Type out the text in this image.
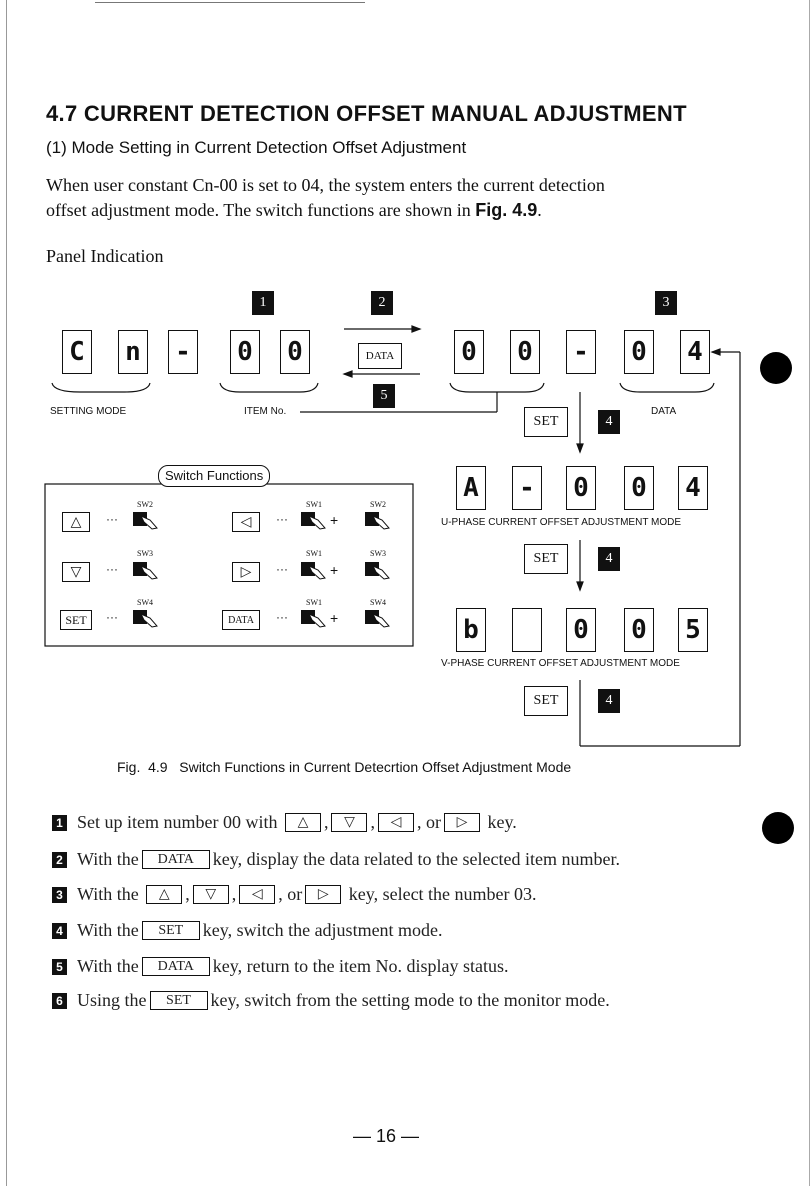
4.7 CURRENT DETECTION OFFSET MANUAL ADJUSTMENT
(1) Mode Setting in Current Detection Offset Adjustment
When user constant Cn-00 is set to 04, the system enters the current detection
offset adjustment mode. The switch functions are shown in Fig. 4.9.
Panel Indication
1	2	3
C n - 0 0	DATA	0 0 - 0 4
5
SETTING MODE	ITEM No.	DATA
SET	4
Switch Functions
△	···
SW2
◁	···
SW1
+
SW2
▽	···
SW3
▷	···
SW1
+
SW3
SET	···
SW4
DATA	···
SW1
+
SW4
A - 0 0 4
U-PHASE CURRENT OFFSET ADJUSTMENT MODE
SET	4
b	0 0 5
V-PHASE CURRENT OFFSET ADJUSTMENT MODE
SET	4
Fig.  4.9   Switch Functions in Current Detecrtion Offset Adjustment Mode
1 Set up item number 00 with
	△ ,	▽ ,	◁ ,
or	▷
	key.
2 With the	DATA	key, display the data related to the selected item number.
3 With the
	△ ,	▽ ,	◁ ,
or	▷
	key, select the number 03.
4 With the	SET	key, switch the adjustment mode.
5 With the	DATA	key, return to the item No. display status.
6 Using the	SET	key, switch from the setting mode to the monitor mode.
— 16 —
